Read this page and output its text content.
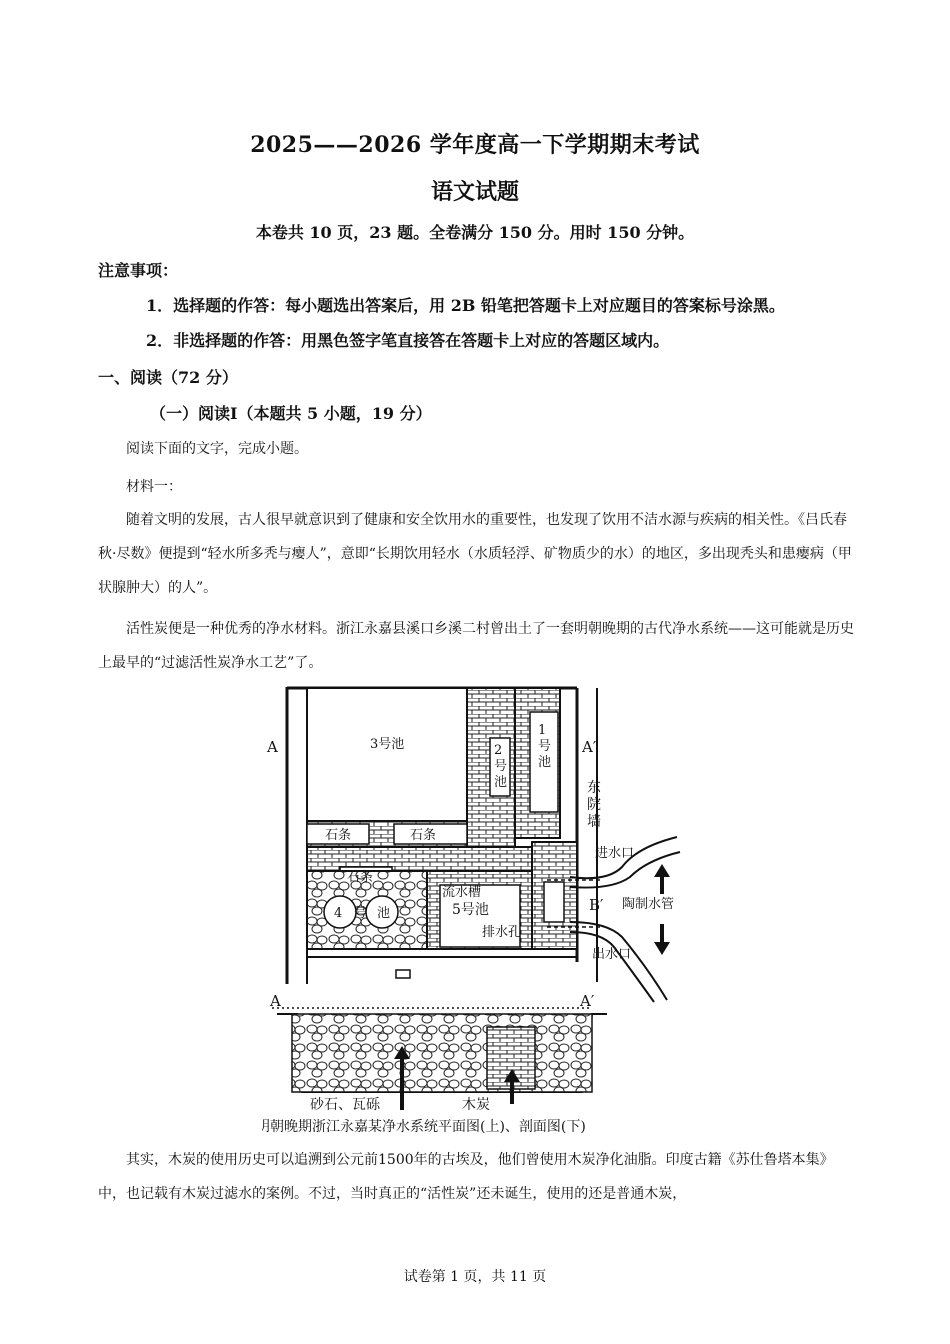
2025——2026 学年度高一下学期期末考试
语文试题
本卷共 10 页，23 题。全卷满分 150 分。用时 150 分钟。
注意事项：
1．选择题的作答：每小题选出答案后，用 2B 铅笔把答题卡上对应题目的答案标号涂黑。
2．非选择题的作答：用黑色签字笔直接答在答题卡上对应的答题区域内。
一、阅读（72 分）
（一）阅读Ⅰ（本题共 5 小题，19 分）
阅读下面的文字，完成小题。
材料一：
随着文明的发展，古人很早就意识到了健康和安全饮用水的重要性，也发现了饮用不洁水源与疾病的相关性。《吕氏春秋·尽数》便提到“轻水所多秃与瘿人”，意即“长期饮用轻水（水质轻浮、矿物质少的水）的地区，多出现秃头和患瘿病（甲状腺肿大）的人”。
活性炭便是一种优秀的净水材料。浙江永嘉县溪口乡溪二村曾出土了一套明朝晚期的古代净水系统——这可能就是历史上最早的“过滤活性炭净水工艺”了。
A	A′
3号池	2
号
池
1
号
池
东
院
墙
石条	石条
石条
4 号 池
流水槽
5号池
排水孔
进水口
B′ 陶制水管
出水口
A	A′
砂石、瓦砾	木炭
明朝晚期浙江永嘉某净水系统平面图(上)、剖面图(下)
其实，木炭的使用历史可以追溯到公元前1500年的古埃及，他们曾使用木炭净化油脂。印度古籍《苏仕鲁塔本集》中，也记载有木炭过滤水的案例。不过，当时真正的“活性炭”还未诞生，使用的还是普通木炭，
试卷第 1 页，共 11 页
